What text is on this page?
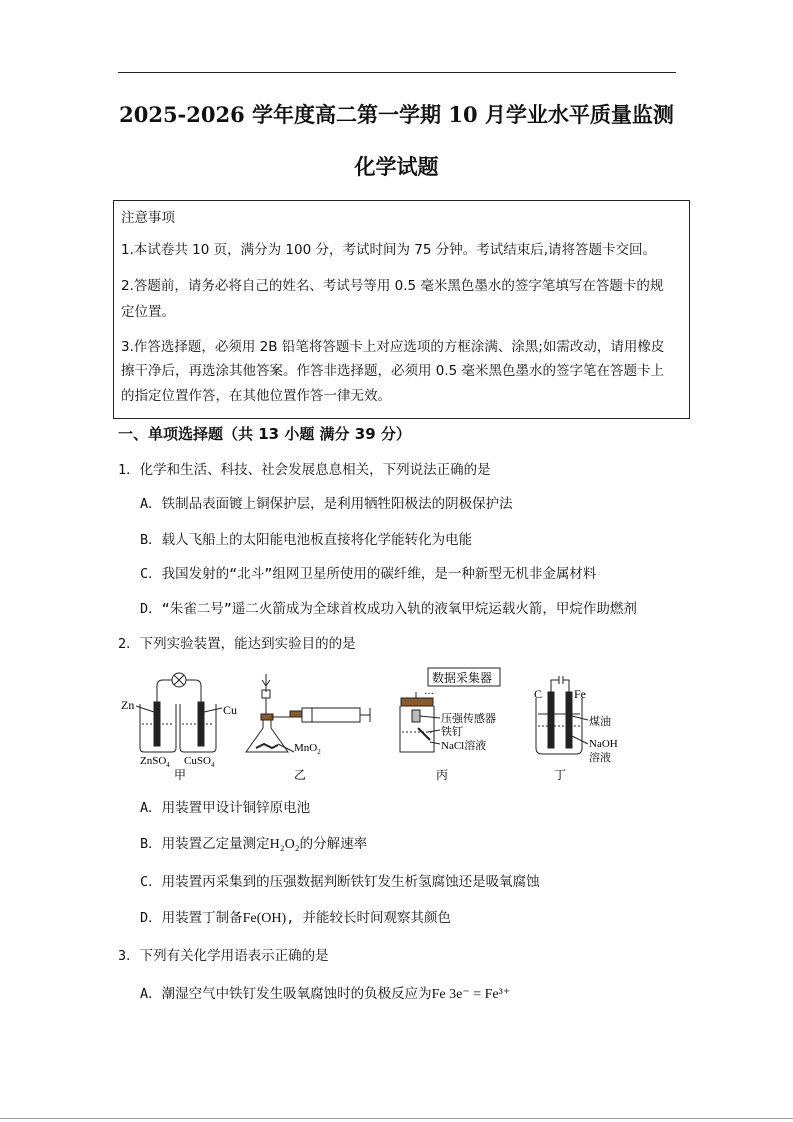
2025-2026 学年度高二第一学期 10 月学业水平质量监测
化学试题

注意事项

1.本试卷共 10 页，满分为 100 分，考试时间为 75 分钟。考试结束后,请将答题卡交回。

2.答题前，请务必将自己的姓名、考试号等用 0.5 毫米黑色墨水的签字笔填写在答题卡的规

定位置。

3.作答选择题，必须用 2B 铅笔将答题卡上对应选项的方框涂满、涂黑;如需改动，请用橡皮

擦干净后，再选涂其他答案。作答非选择题，必须用 0.5 毫米黑色墨水的签字笔在答题卡上

的指定位置作答，在其他位置作答一律无效。

一、单项选择题（共 13 小题 满分 39 分）
1．化学和生活、科技、社会发展息息相关，下列说法正确的是
A．铁制品表面镀上铜保护层，是利用牺牲阳极法的阴极保护法
B．载人飞船上的太阳能电池板直接将化学能转化为电能
C．我国发射的“北斗”组网卫星所使用的碳纤维，是一种新型无机非金属材料
D．“朱雀二号”遥二火箭成为全球首枚成功入轨的液氧甲烷运载火箭，甲烷作助燃剂
2．下列实验装置，能达到实验目的的是
Zn	Cu
ZnSO$_4$ CuSO$_4$
甲
MnO$_2$
乙
数据采集器
···
压强传感器
铁钉
NaCl溶液
丙
C	Fe
煤油
NaOH
溶液
丁
A．用装置甲设计铜锌原电池
B．用装置乙定量测定H₂O₂的分解速率
C．用装置丙采集到的压强数据判断铁钉发生析氢腐蚀还是吸氧腐蚀
D．用装置丁制备Fe(OH), 并能较长时间观察其颜色
3．下列有关化学用语表示正确的是
A．潮湿空气中铁钉发生吸氧腐蚀时的负极反应为Fe 3e⁻ = Fe³⁺
